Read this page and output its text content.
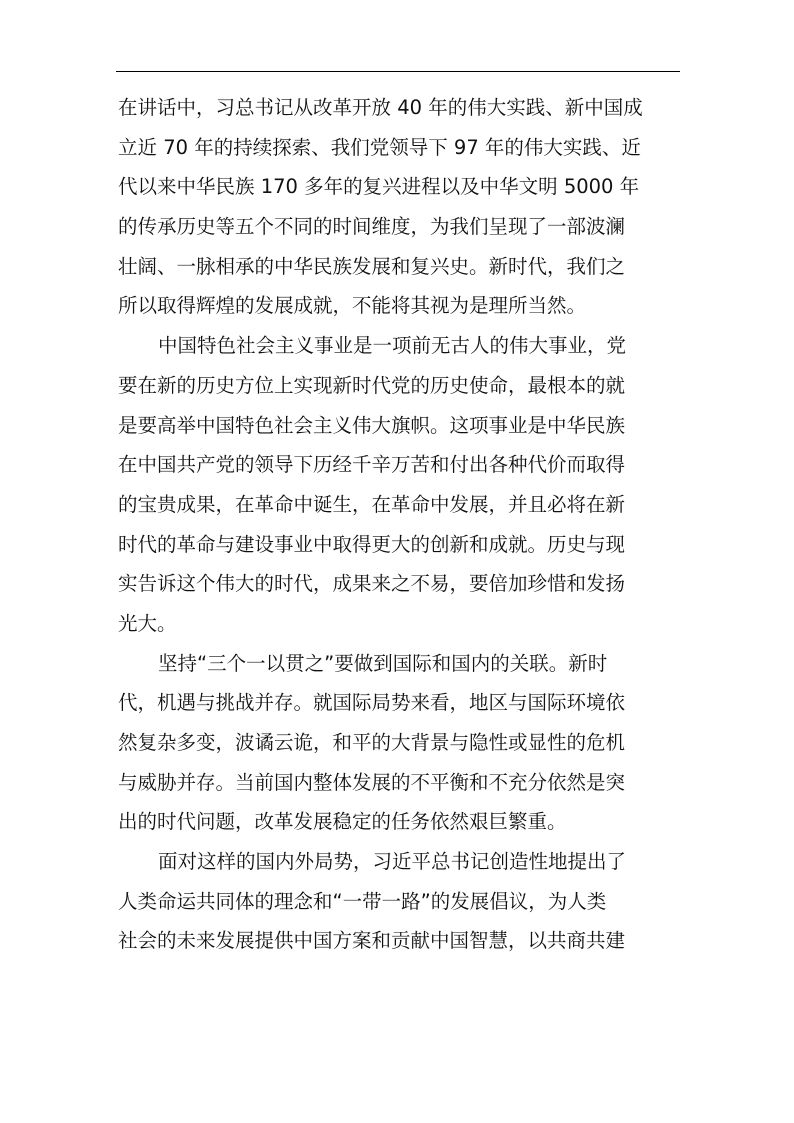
在讲话中，习总书记从改革开放 40 年的伟大实践、新中国成
立近 70 年的持续探索、我们党领导下 97 年的伟大实践、近
代以来中华民族 170 多年的复兴进程以及中华文明 5000 年
的传承历史等五个不同的时间维度，为我们呈现了一部波澜
壮阔、一脉相承的中华民族发展和复兴史。新时代，我们之
所以取得辉煌的发展成就，不能将其视为是理所当然。
中国特色社会主义事业是一项前无古人的伟大事业，党
要在新的历史方位上实现新时代党的历史使命，最根本的就
是要高举中国特色社会主义伟大旗帜。这项事业是中华民族
在中国共产党的领导下历经千辛万苦和付出各种代价而取得
的宝贵成果，在革命中诞生，在革命中发展，并且必将在新
时代的革命与建设事业中取得更大的创新和成就。历史与现
实告诉这个伟大的时代，成果来之不易，要倍加珍惜和发扬
光大。
坚持“三个一以贯之”要做到国际和国内的关联。新时
代，机遇与挑战并存。就国际局势来看，地区与国际环境依
然复杂多变，波谲云诡，和平的大背景与隐性或显性的危机
与威胁并存。当前国内整体发展的不平衡和不充分依然是突
出的时代问题，改革发展稳定的任务依然艰巨繁重。
面对这样的国内外局势，习近平总书记创造性地提出了
人类命运共同体的理念和“一带一路”的发展倡议，为人类
社会的未来发展提供中国方案和贡献中国智慧，以共商共建
